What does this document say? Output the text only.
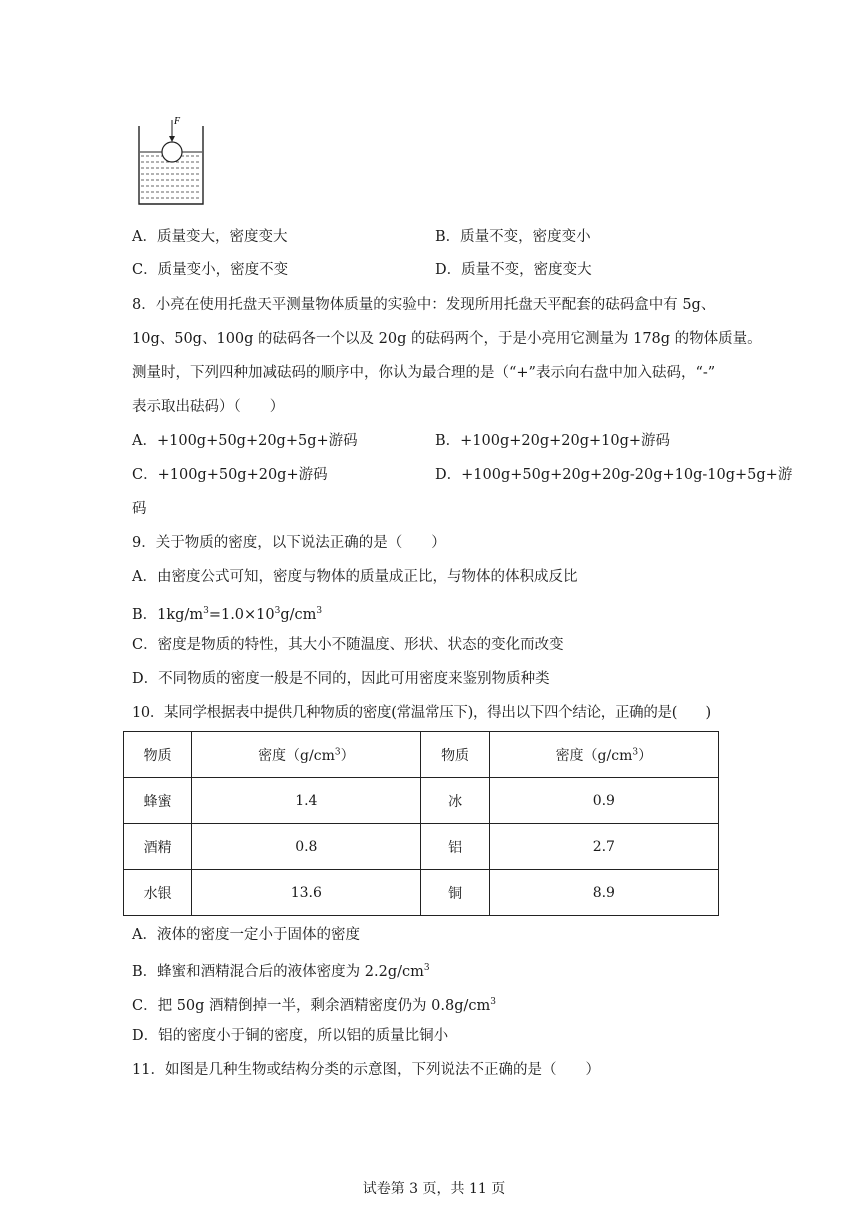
F
A．质量变大，密度变大	B．质量不变，密度变小
C．质量变小，密度不变	D．质量不变，密度变大
8．小亮在使用托盘天平测量物体质量的实验中：发现所用托盘天平配套的砝码盒中有 5g、
10g、50g、100g 的砝码各一个以及 20g 的砝码两个，于是小亮用它测量为 178g 的物体质量。
测量时，下列四种加减砝码的顺序中，你认为最合理的是（“+”表示向右盘中加入砝码，“-”
表示取出砝码）（　　）
A．+100g+50g+20g+5g+游码	B．+100g+20g+20g+10g+游码
C．+100g+50g+20g+游码	D．+100g+50g+20g+20g-20g+10g-10g+5g+游
码
9．关于物质的密度，以下说法正确的是（　　）
A．由密度公式可知，密度与物体的质量成正比，与物体的体积成反比
B．$1kg/m^3=1.0\times 10^3g/cm^3$
C．密度是物质的特性，其大小不随温度、形状、状态的变化而改变
D．不同物质的密度一般是不同的，因此可用密度来鉴别物质种类
10．某同学根据表中提供几种物质的密度(常温常压下)，得出以下四个结论，正确的是(　　)
物质	密度$(g/cm^3)$	物质	密度$(g/cm^3)$
蜂蜜	1.4	冰	0.9
酒精	0.8	铝	2.7
水银	13.6	铜	8.9
A．液体的密度一定小于固体的密度
B．蜂蜜和酒精混合后的液体密度为 $2.2g/cm^3$
C．把 50g 酒精倒掉一半，剩余酒精密度仍为 $0.8g/cm^3$
D．铝的密度小于铜的密度，所以铝的质量比铜小
11．如图是几种生物或结构分类的示意图，下列说法不正确的是（　　）
试卷第 3 页，共 11 页
